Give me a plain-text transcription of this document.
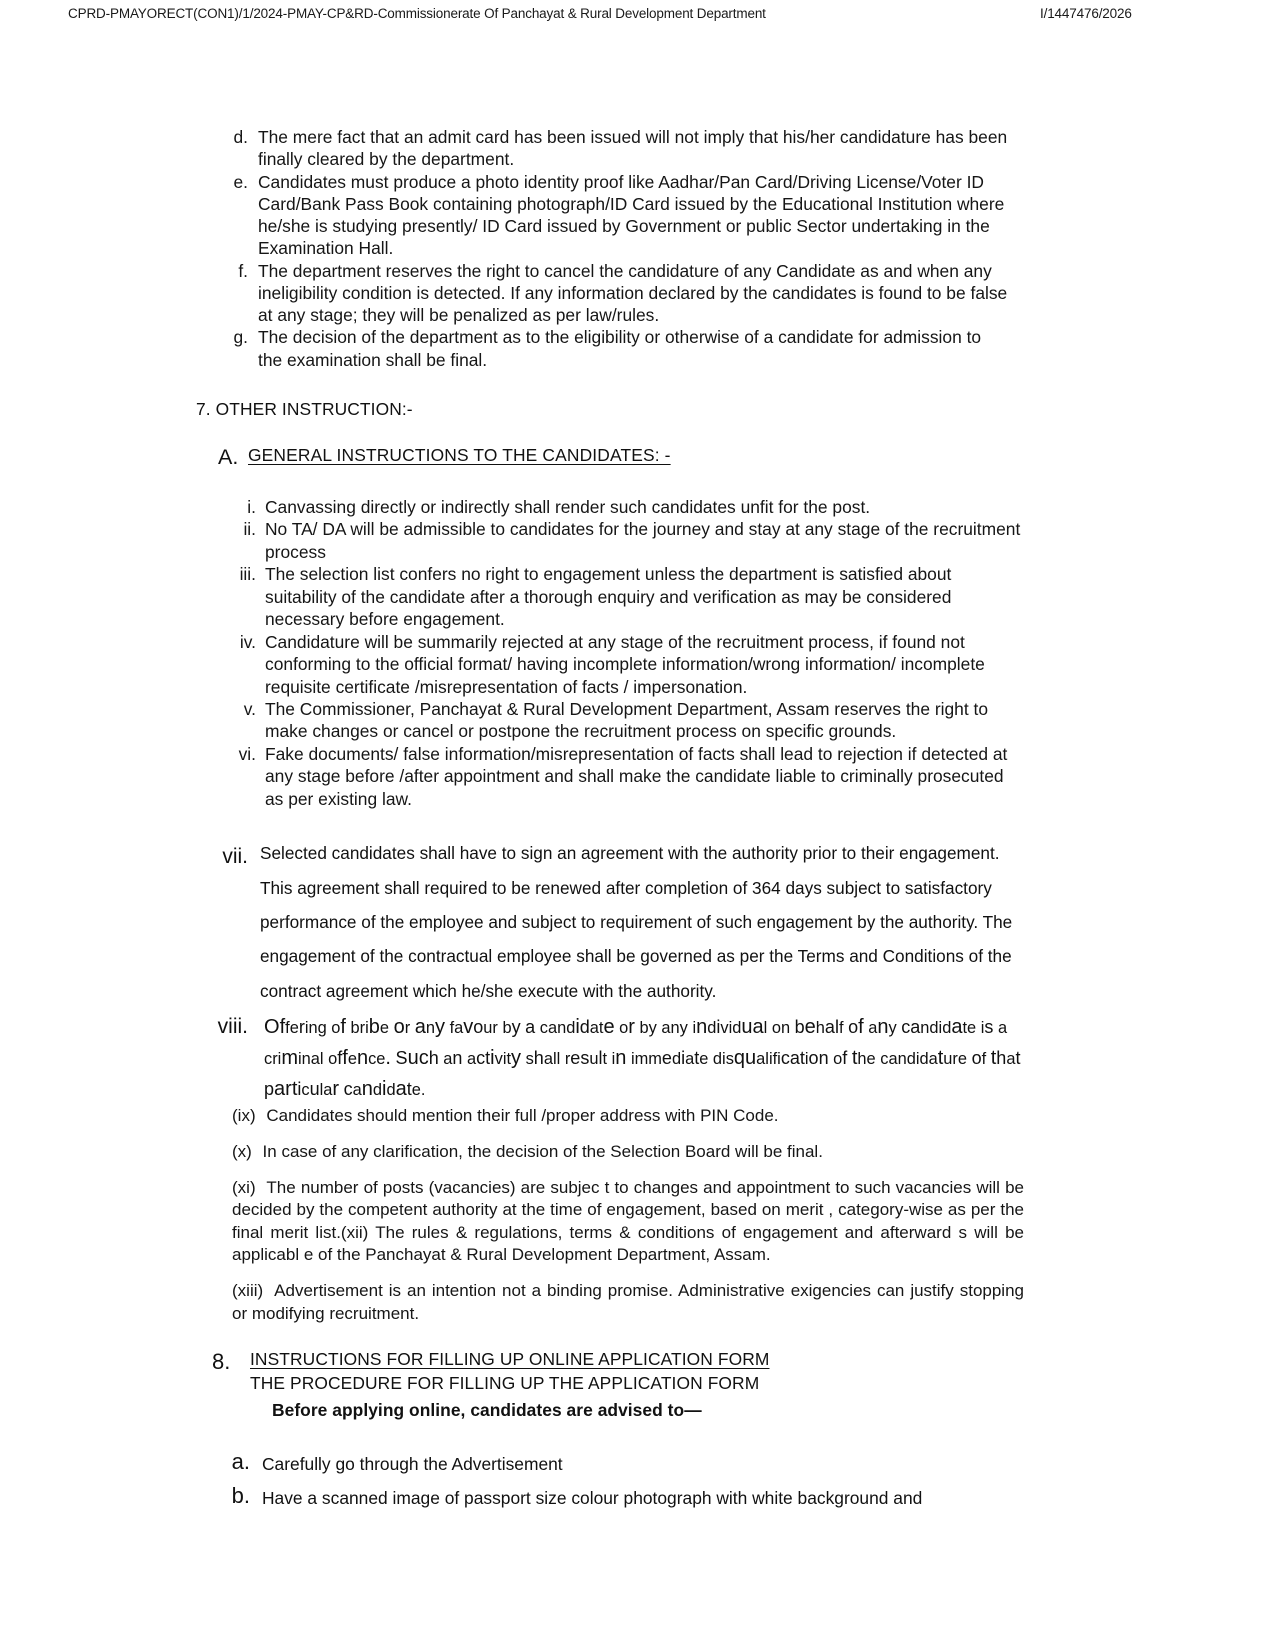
CPRD-PMAYORECT(CON1)/1/2024-PMAY-CP&RD-Commissionerate Of Panchayat & Rural Development Department	I/1447476/2026
d. The mere fact that an admit card has been issued will not imply that his/her candidature has been finally cleared by the department.
e. Candidates must produce a photo identity proof like Aadhar/Pan Card/Driving License/Voter ID Card/Bank Pass Book containing photograph/ID Card issued by the Educational Institution where he/she is studying presently/ ID Card issued by Government or public Sector undertaking in the Examination Hall.
f. The department reserves the right to cancel the candidature of any Candidate as and when any ineligibility condition is detected. If any information declared by the candidates is found to be false at any stage; they will be penalized as per law/rules.
g. The decision of the department as to the eligibility or otherwise of a candidate for admission to the examination shall be final.
7. OTHER INSTRUCTION:-
A. GENERAL INSTRUCTIONS TO THE CANDIDATES: -
i. Canvassing directly or indirectly shall render such candidates unfit for the post.
ii. No TA/ DA will be admissible to candidates for the journey and stay at any stage of the recruitment process
iii. The selection list confers no right to engagement unless the department is satisfied about suitability of the candidate after a thorough enquiry and verification as may be considered necessary before engagement.
iv. Candidature will be summarily rejected at any stage of the recruitment process, if found not conforming to the official format/ having incomplete information/wrong information/ incomplete requisite certificate /misrepresentation of facts / impersonation.
v. The Commissioner, Panchayat & Rural Development Department, Assam reserves the right to make changes or cancel or postpone the recruitment process on specific grounds.
vi. Fake documents/ false information/misrepresentation of facts shall lead to rejection if detected at any stage before /after appointment and shall make the candidate liable to criminally prosecuted as per existing law.
vii. Selected candidates shall have to sign an agreement with the authority prior to their engagement. This agreement shall required to be renewed after completion of 364 days subject to satisfactory performance of the employee and subject to requirement of such engagement by the authority. The engagement of the contractual employee shall be governed as per the Terms and Conditions of the contract agreement which he/she execute with the authority.
viii. Offering of bribe or any favour by a candidate or by any individual on behalf of any candidate is a criminal offence. Such an activity shall result in immediate disqualification of the candidature of that particular candidate.

(ix) Candidates should mention their full /proper address with PIN Code.

(x) In case of any clarification, the decision of the Selection Board will be final.

(xi) The number of posts (vacancies) are subjec t to changes and appointment to such vacancies will be decided by the competent authority at the time of engagement, based on merit , category-wise as per the final merit list.(xii) The rules & regulations, terms & conditions of engagement and afterward s will be applicabl e of the Panchayat & Rural Development Department, Assam.

(xiii) Advertisement is an intention not a binding promise. Administrative exigencies can justify stopping or modifying recruitment.

8.	INSTRUCTIONS FOR FILLING UP ONLINE APPLICATION FORM
THE PROCEDURE FOR FILLING UP THE APPLICATION FORM
Before applying online, candidates are advised to—
a. Carefully go through the Advertisement
b. Have a scanned image of passport size colour photograph with white background and
